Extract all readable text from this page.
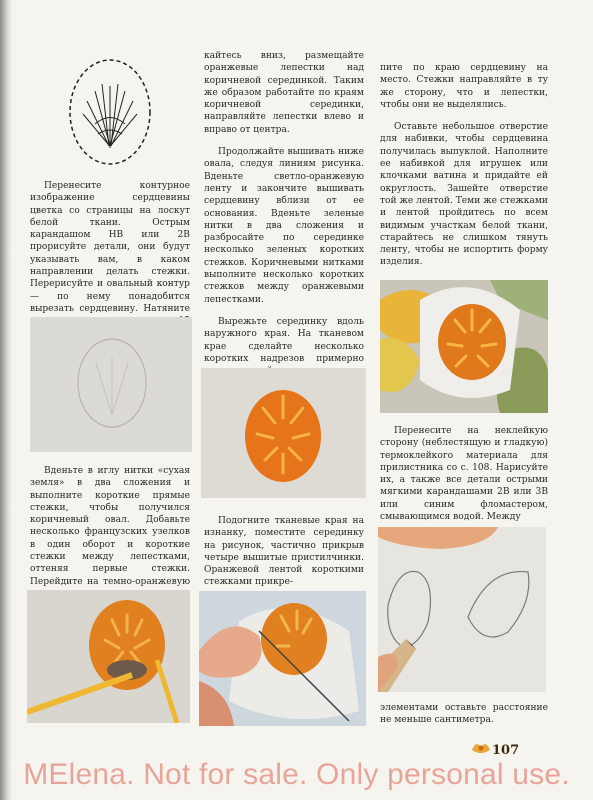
Перенесите контурное изображение сердцевины цветка со страницы на лоскут белой ткани. Острым карандашом НВ или 2В прорисуйте детали, они будут указывать вам, в каком направлении делать стежки. Перерисуйте и овальный контур — по нему понадобится вырезать сердцевину. Натяните

Вденьте в иглу нитки «сухая земля» в два сложения и выполните короткие прямые стежки, чтобы получился коричневый овал. Добавьте несколько французских узелков в один оборот и короткие стежки между лепестками, оттеняя первые стежки. Перейдите на темно-оранжевую

кайтесь вниз, размещайте оранжевые лепестки над коричневой серединкой. Таким же образом работайте по краям коричневой серединки, направляйте лепестки влево и вправо от центра.

Продолжайте вышивать ниже овала, следуя линиям рисунка. Вденьте светло-оранжевую ленту и закончите вышивать сердцевину вблизи от ее основания. Вденьте зеленые нитки в два сложения и разбросайте по серединке несколько зеленых коротких стежков. Коричневыми нитками выполните несколько коротких стежков между оранжевыми лепестками.

Вырежьте серединку вдоль наружного края. На тканевом крае сделайте несколько коротких надрезов примерно

Подогните тканевые края на изнанку, поместите серединку на рисунок, частично прикрыв четыре вышитые пристилчинки. Оранжевой лентой короткими стежками прикре-

пите по краю сердцевину на место. Стежки направляйте в ту же сторону, что и лепестки, чтобы они не выделялись.

Оставьте небольшое отверстие для набивки, чтобы сердцевина получилась выпуклой. Наполните ее набивкой для игрушек или клочками ватина и придайте ей округлость. Зашейте отверстие той же лентой. Теми же стежками и лентой пройдитесь по всем видимым участкам белой ткани, старайтесь не слишком тянуть ленту, чтобы не испортить форму изделия.

Перенесите на неклейкую сторону (неблестящую и гладкую) термоклейкого материала для прилистника со с. 108. Нарисуйте их, а также все детали острыми мягкими карандашами 2В или 3В или синим фломастером, смывающимся водой. Между

элементами оставьте расстояние не меньше сантиметра.

107
MElena. Not for sale. Only personal use.
